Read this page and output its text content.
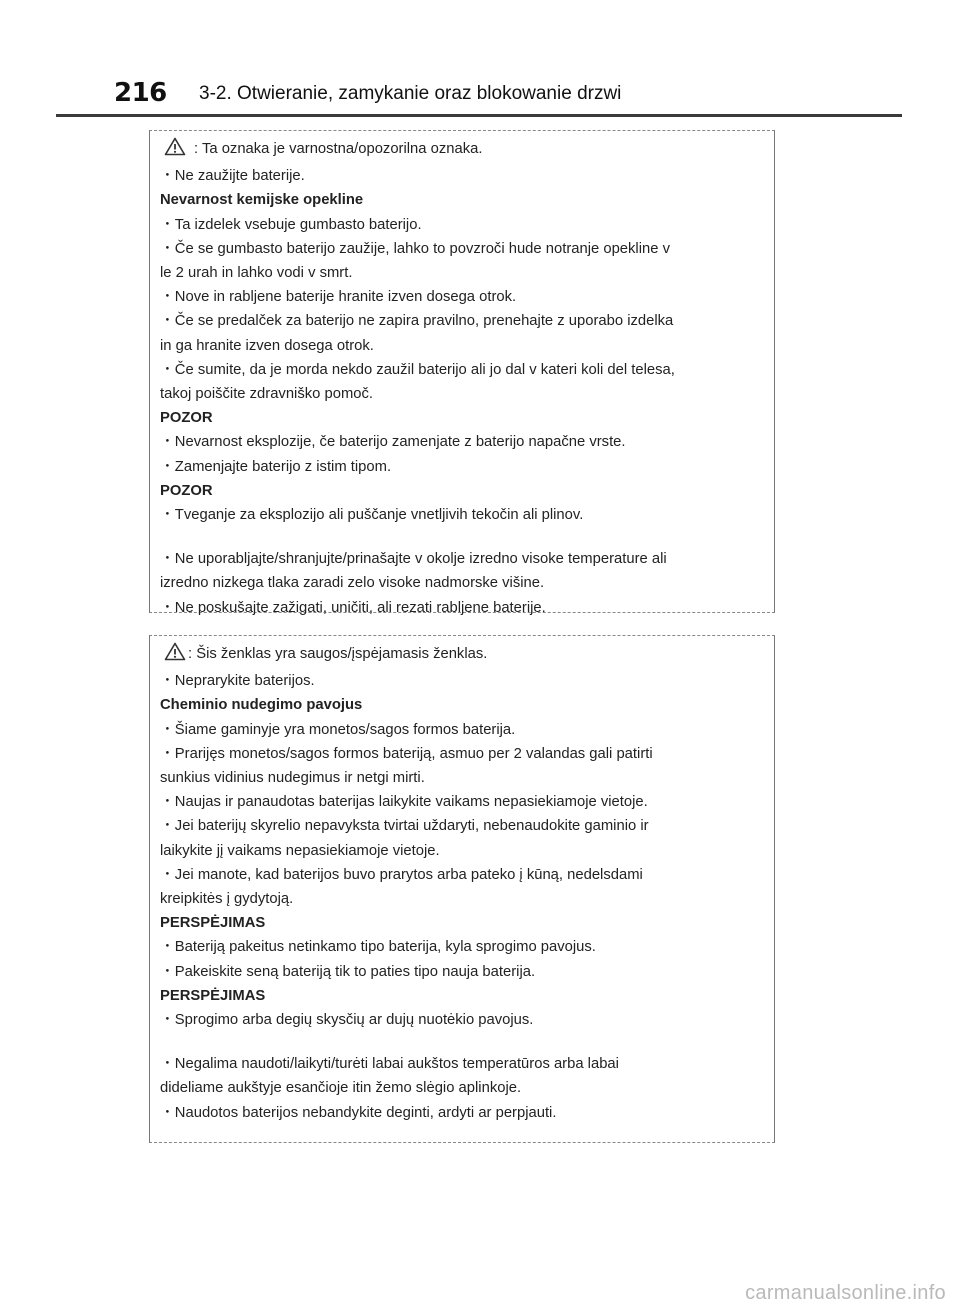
216 3-2. Otwieranie, zamykanie oraz blokowanie drzwi
: Ta oznaka je varnostna/opozorilna oznaka.
・Ne zaužijte baterije.
Nevarnost kemijske opekline
・Ta izdelek vsebuje gumbasto baterijo.
・Če se gumbasto baterijo zaužije, lahko to povzroči hude notranje opekline v
le 2 urah in lahko vodi v smrt.
・Nove in rabljene baterije hranite izven dosega otrok.
・Če se predalček za baterijo ne zapira pravilno, prenehajte z uporabo izdelka
in ga hranite izven dosega otrok.
・Če sumite, da je morda nekdo zaužil baterijo ali jo dal v kateri koli del telesa,
takoj poiščite zdravniško pomoč.
POZOR
・Nevarnost eksplozije, če baterijo zamenjate z baterijo napačne vrste.
・Zamenjajte baterijo z istim tipom.
POZOR
・Tveganje za eksplozijo ali puščanje vnetljivih tekočin ali plinov.
・Ne uporabljajte/shranjujte/prinašajte v okolje izredno visoke temperature ali
izredno nizkega tlaka zaradi zelo visoke nadmorske višine.
・Ne poskušajte zažigati, uničiti, ali rezati rabljene baterije.
: Šis ženklas yra saugos/įspėjamasis ženklas.
・Neprarykite baterijos.
Cheminio nudegimo pavojus
・Šiame gaminyje yra monetos/sagos formos baterija.
・Prarijęs monetos/sagos formos bateriją, asmuo per 2 valandas gali patirti
sunkius vidinius nudegimus ir netgi mirti.
・Naujas ir panaudotas baterijas laikykite vaikams nepasiekiamoje vietoje.
・Jei baterijų skyrelio nepavyksta tvirtai uždaryti, nebenaudokite gaminio ir
laikykite jį vaikams nepasiekiamoje vietoje.
・Jei manote, kad baterijos buvo prarytos arba pateko į kūną, nedelsdami
kreipkitės į gydytoją.
PERSPĖJIMAS
・Bateriją pakeitus netinkamo tipo baterija, kyla sprogimo pavojus.
・Pakeiskite seną bateriją tik to paties tipo nauja baterija.
PERSPĖJIMAS
・Sprogimo arba degių skysčių ar dujų nuotėkio pavojus.
・Negalima naudoti/laikyti/turėti labai aukštos temperatūros arba labai
dideliame aukštyje esančioje itin žemo slėgio aplinkoje.
・Naudotos baterijos nebandykite deginti, ardyti ar perpjauti.
carmanualsonline.info
